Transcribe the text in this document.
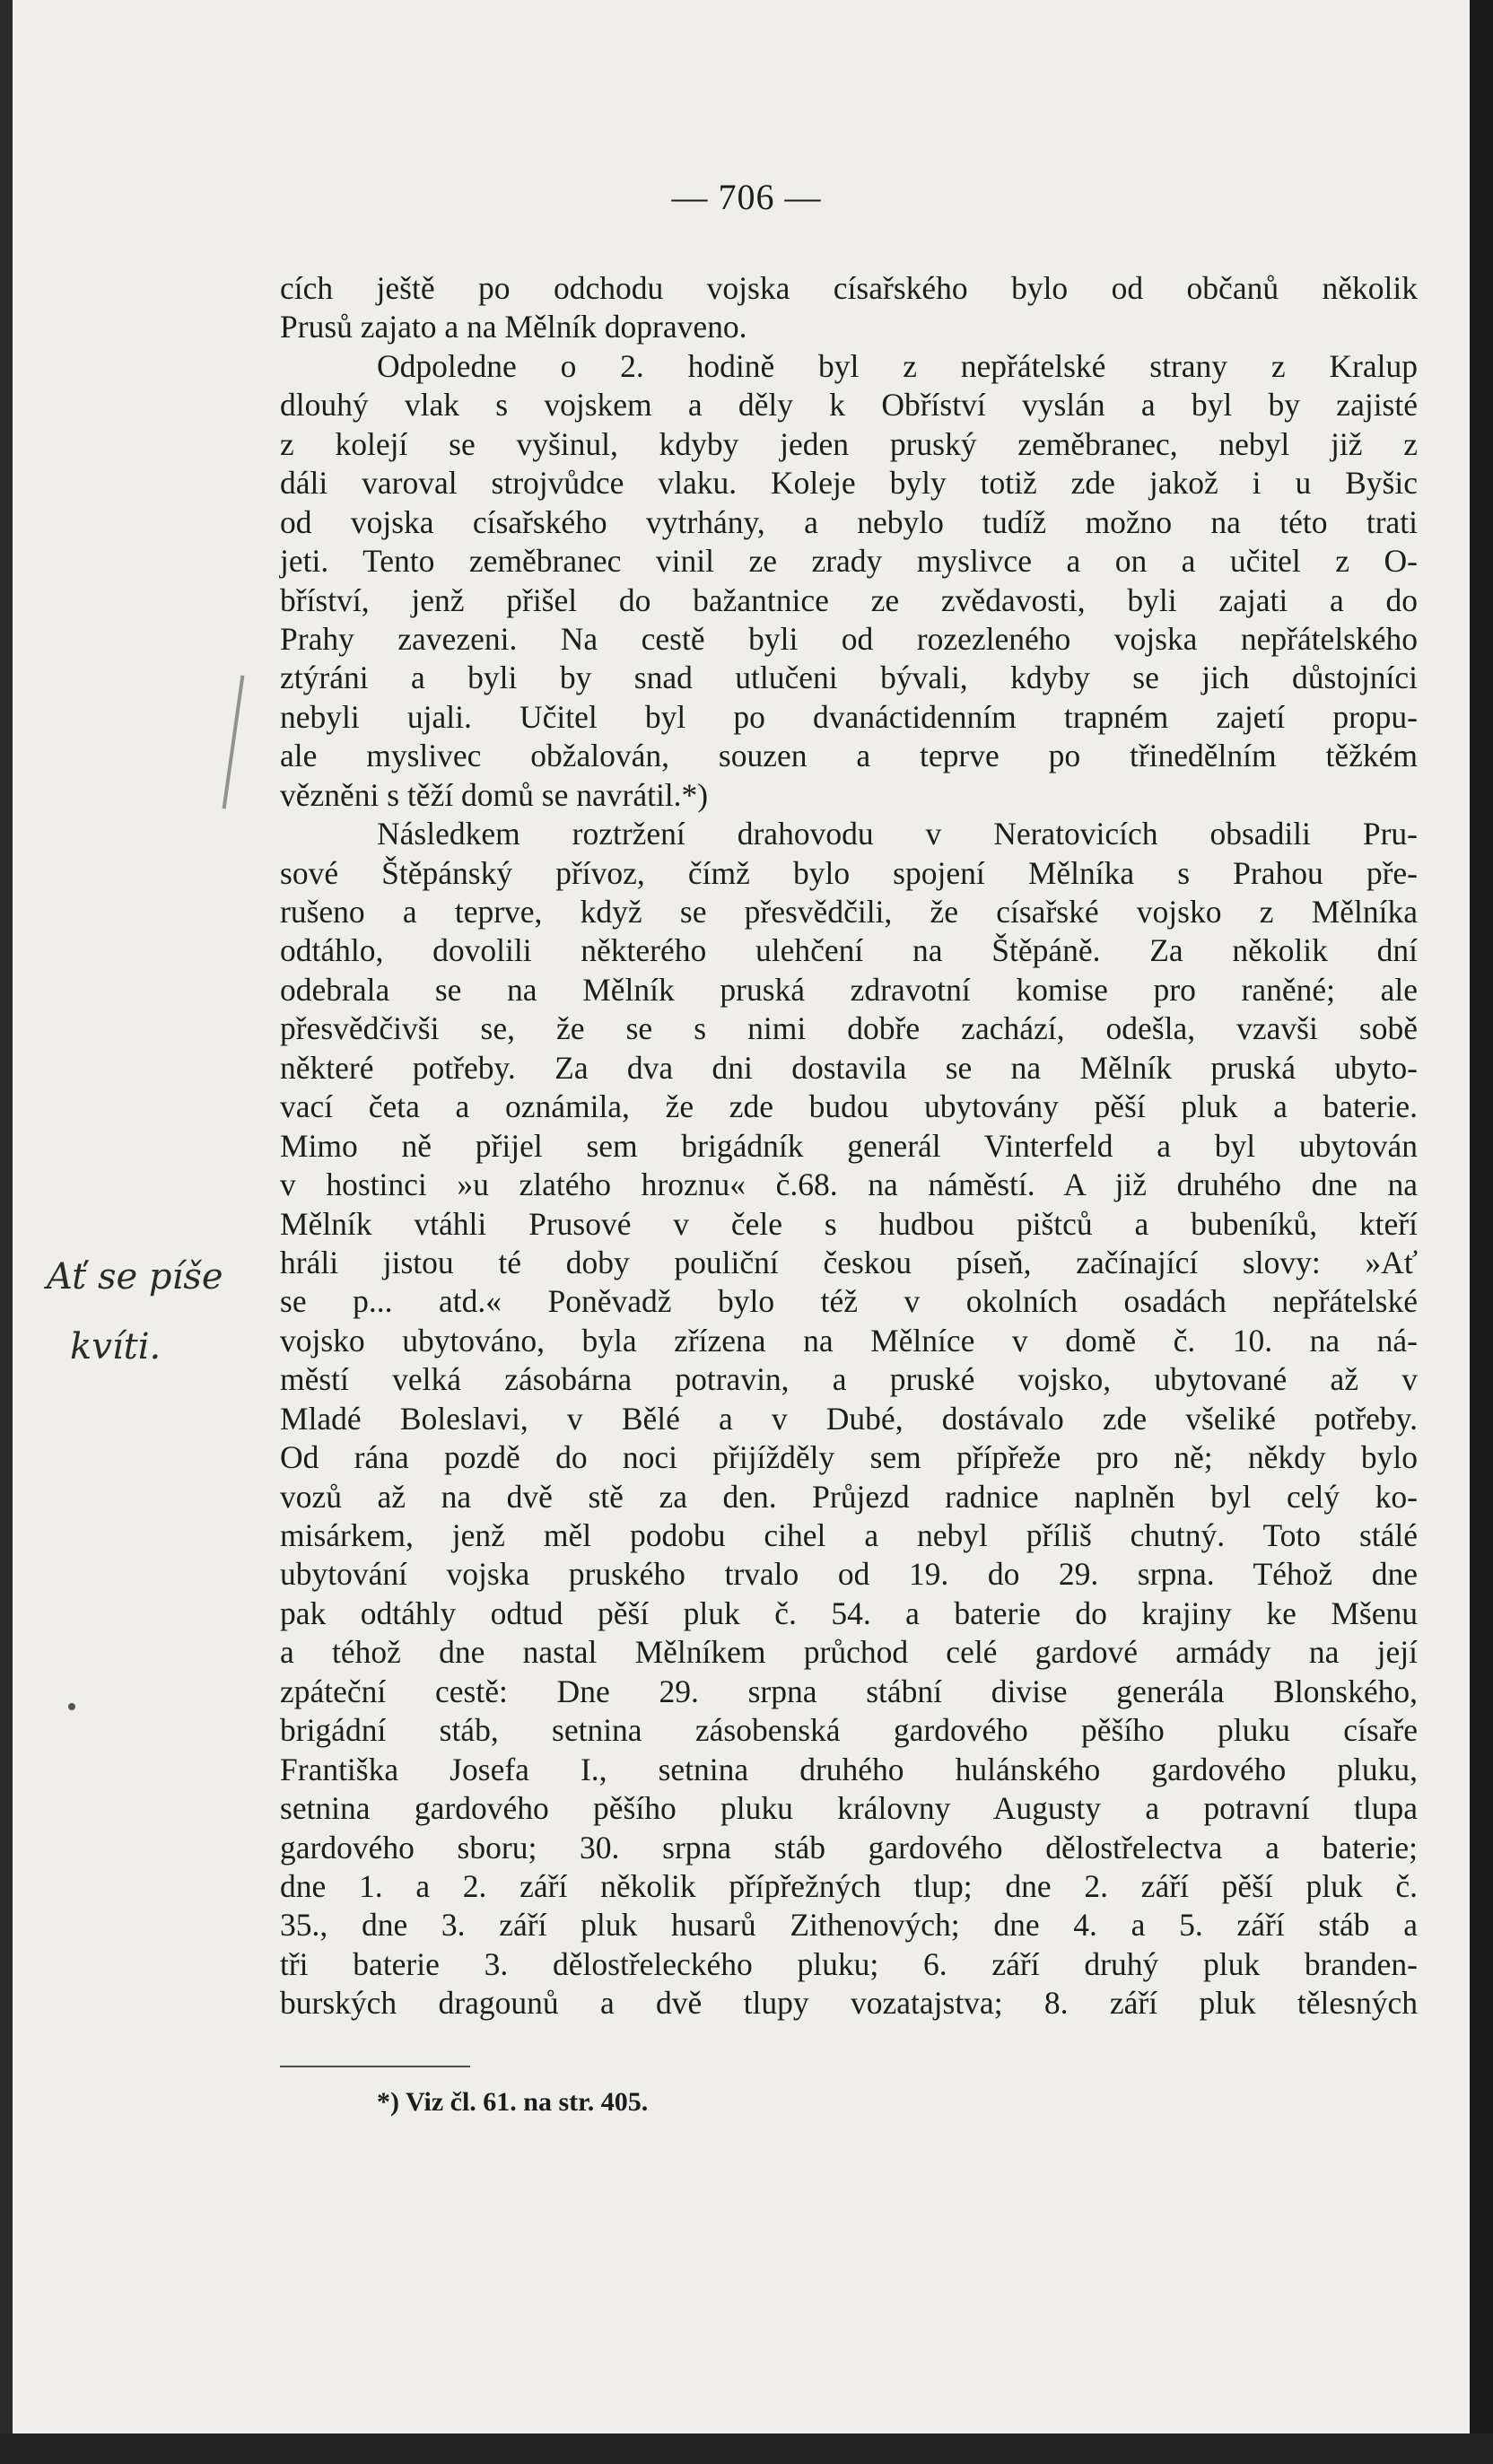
— 706 —
Ať se píše
kvíti.
cích ještě po odchodu vojska císařského bylo od občanů několik
Prusů zajato a na Mělník dopraveno.
Odpoledne o 2. hodině byl z nepřátelské strany z Kralup
dlouhý vlak s vojskem a děly k Obříství vyslán a byl by zajisté
z kolejí se vyšinul, kdyby jeden pruský zeměbranec, nebyl již z
dáli varoval strojvůdce vlaku. Koleje byly totiž zde jakož i u Byšic
od vojska císařského vytrhány, a nebylo tudíž možno na této trati
jeti. Tento zeměbranec vinil ze zrady myslivce a on a učitel z O-
bříství, jenž přišel do bažantnice ze zvědavosti, byli zajati a do
Prahy zavezeni. Na cestě byli od rozezleného vojska nepřátelského
ztýráni a byli by snad utlučeni bývali, kdyby se jich důstojníci
nebyli ujali. Učitel byl po dvanáctidenním trapném zajetí propu-
ale myslivec obžalován, souzen a teprve po třinedělním těžkém
vězněni s těží domů se navrátil.*)
Následkem roztržení drahovodu v Neratovicích obsadili Pru-
sové Štěpánský přívoz, čímž bylo spojení Mělníka s Prahou pře-
rušeno a teprve, když se přesvědčili, že císařské vojsko z Mělníka
odtáhlo, dovolili některého ulehčení na Štěpáně. Za několik dní
odebrala se na Mělník pruská zdravotní komise pro raněné; ale
přesvědčivši se, že se s nimi dobře zachází, odešla, vzavši sobě
některé potřeby. Za dva dni dostavila se na Mělník pruská ubyto-
vací četa a oznámila, že zde budou ubytovány pěší pluk a baterie.
Mimo ně přijel sem brigádník generál Vinterfeld a byl ubytován
v hostinci »u zlatého hroznu« č.68. na náměstí. A již druhého dne na
Mělník vtáhli Prusové v čele s hudbou pištců a bubeníků, kteří
hráli jistou té doby pouliční českou píseň, začínající slovy: »Ať
se p... atd.« Poněvadž bylo též v okolních osadách nepřátelské
vojsko ubytováno, byla zřízena na Mělníce v domě č. 10. na ná-
městí velká zásobárna potravin, a pruské vojsko, ubytované až v
Mladé Boleslavi, v Bělé a v Dubé, dostávalo zde všeliké potřeby.
Od rána pozdě do noci přijížděly sem přípřeže pro ně; někdy bylo
vozů až na dvě stě za den. Průjezd radnice naplněn byl celý ko-
misárkem, jenž měl podobu cihel a nebyl příliš chutný. Toto stálé
ubytování vojska pruského trvalo od 19. do 29. srpna. Téhož dne
pak odtáhly odtud pěší pluk č. 54. a baterie do krajiny ke Mšenu
a téhož dne nastal Mělníkem průchod celé gardové armády na její
zpáteční cestě: Dne 29. srpna stábní divise generála Blonského,
brigádní stáb, setnina zásobenská gardového pěšího pluku císaře
Františka Josefa I., setnina druhého hulánského gardového pluku,
setnina gardového pěšího pluku královny Augusty a potravní tlupa
gardového sboru; 30. srpna stáb gardového dělostřelectva a baterie;
dne 1. a 2. září několik přípřežných tlup; dne 2. září pěší pluk č.
35., dne 3. září pluk husarů Zithenových; dne 4. a 5. září stáb a
tři baterie 3. dělostřeleckého pluku; 6. září druhý pluk branden-
burských dragounů a dvě tlupy vozatajstva; 8. září pluk tělesných
*) Viz čl. 61. na str. 405.
